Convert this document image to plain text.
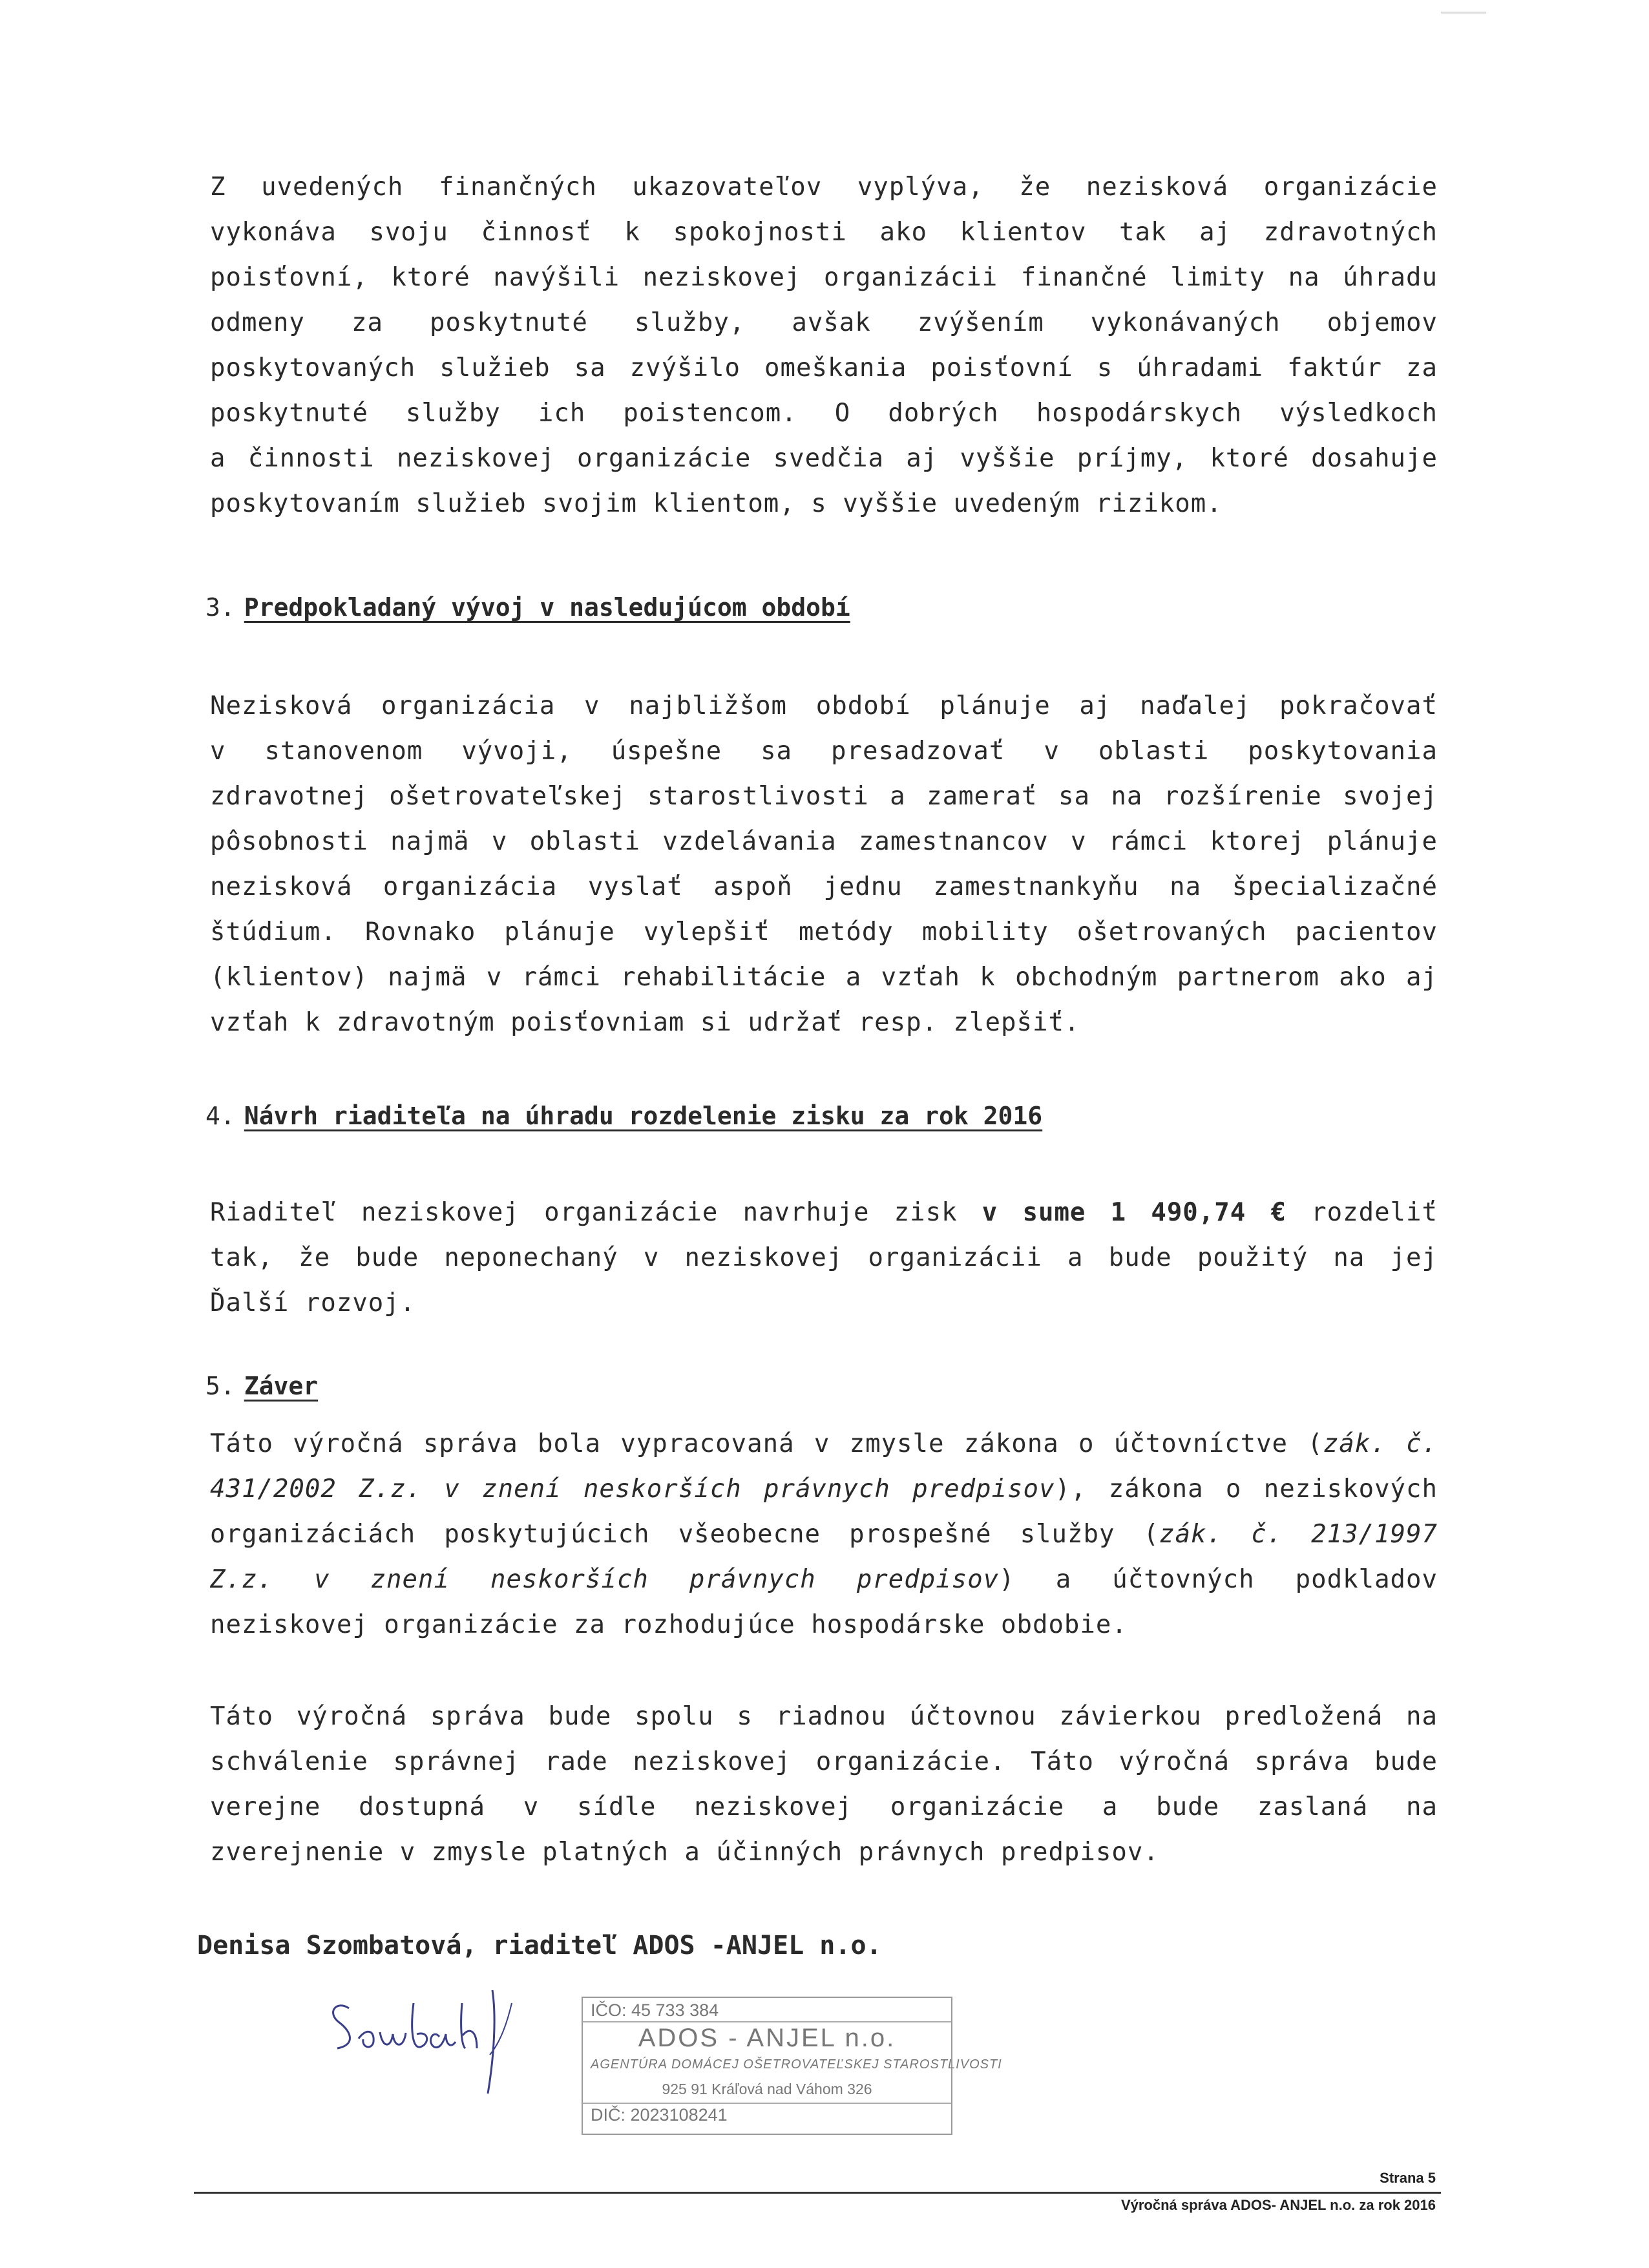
Z uvedených finančných ukazovateľov vyplýva, že nezisková organizácie
vykonáva svoju činnosť k spokojnosti ako klientov tak aj zdravotných
poisťovní, ktoré navýšili neziskovej organizácii finančné limity na úhradu
odmeny za poskytnuté služby, avšak zvýšením vykonávaných objemov
poskytovaných služieb sa zvýšilo omeškania poisťovní s úhradami faktúr za
poskytnuté služby ich poistencom. O dobrých hospodárskych výsledkoch
a činnosti neziskovej organizácie svedčia aj vyššie príjmy, ktoré dosahuje
poskytovaním služieb svojim klientom, s vyššie uvedeným rizikom.
3. Predpokladaný vývoj v nasledujúcom období
Nezisková organizácia v najbližšom období plánuje aj naďalej pokračovať
v stanovenom vývoji, úspešne sa presadzovať v oblasti poskytovania
zdravotnej ošetrovateľskej starostlivosti a zamerať sa na rozšírenie svojej
pôsobnosti najmä v oblasti vzdelávania zamestnancov v rámci ktorej plánuje
nezisková organizácia vyslať aspoň jednu zamestnankyňu na špecializačné
štúdium. Rovnako plánuje vylepšiť metódy mobility ošetrovaných pacientov
(klientov) najmä v rámci rehabilitácie a vzťah k obchodným partnerom ako aj
vzťah k zdravotným poisťovniam si udržať resp. zlepšiť.
4. Návrh riaditeľa na úhradu rozdelenie zisku za rok 2016
Riaditeľ neziskovej organizácie navrhuje zisk v sume 1 490,74 € rozdeliť
tak, že bude neponechaný v neziskovej organizácii a bude použitý na jej
Ďalší rozvoj.
5. Záver
Táto výročná správa bola vypracovaná v zmysle zákona o účtovníctve (zák. č.
431/2002 Z.z. v znení neskorších právnych predpisov), zákona o neziskových
organizáciách poskytujúcich všeobecne prospešné služby (zák. č. 213/1997
Z.z. v znení neskorších právnych predpisov) a účtovných podkladov
neziskovej organizácie za rozhodujúce hospodárske obdobie.
Táto výročná správa bude spolu s riadnou účtovnou závierkou predložená na
schválenie správnej rade neziskovej organizácie. Táto výročná správa bude
verejne dostupná v sídle neziskovej organizácie a bude zaslaná na
zverejnenie v zmysle platných a účinných právnych predpisov.
Denisa Szombatová, riaditeľ ADOS -ANJEL n.o.
IČO: 45 733 384
ADOS - ANJEL n.o.
AGENTÚRA DOMÁCEJ OŠETROVATEĽSKEJ STAROSTLIVOSTI
925 91 Kráľová nad Váhom 326
DIČ: 2023108241
Strana 5
Výročná správa ADOS- ANJEL n.o. za rok 2016
